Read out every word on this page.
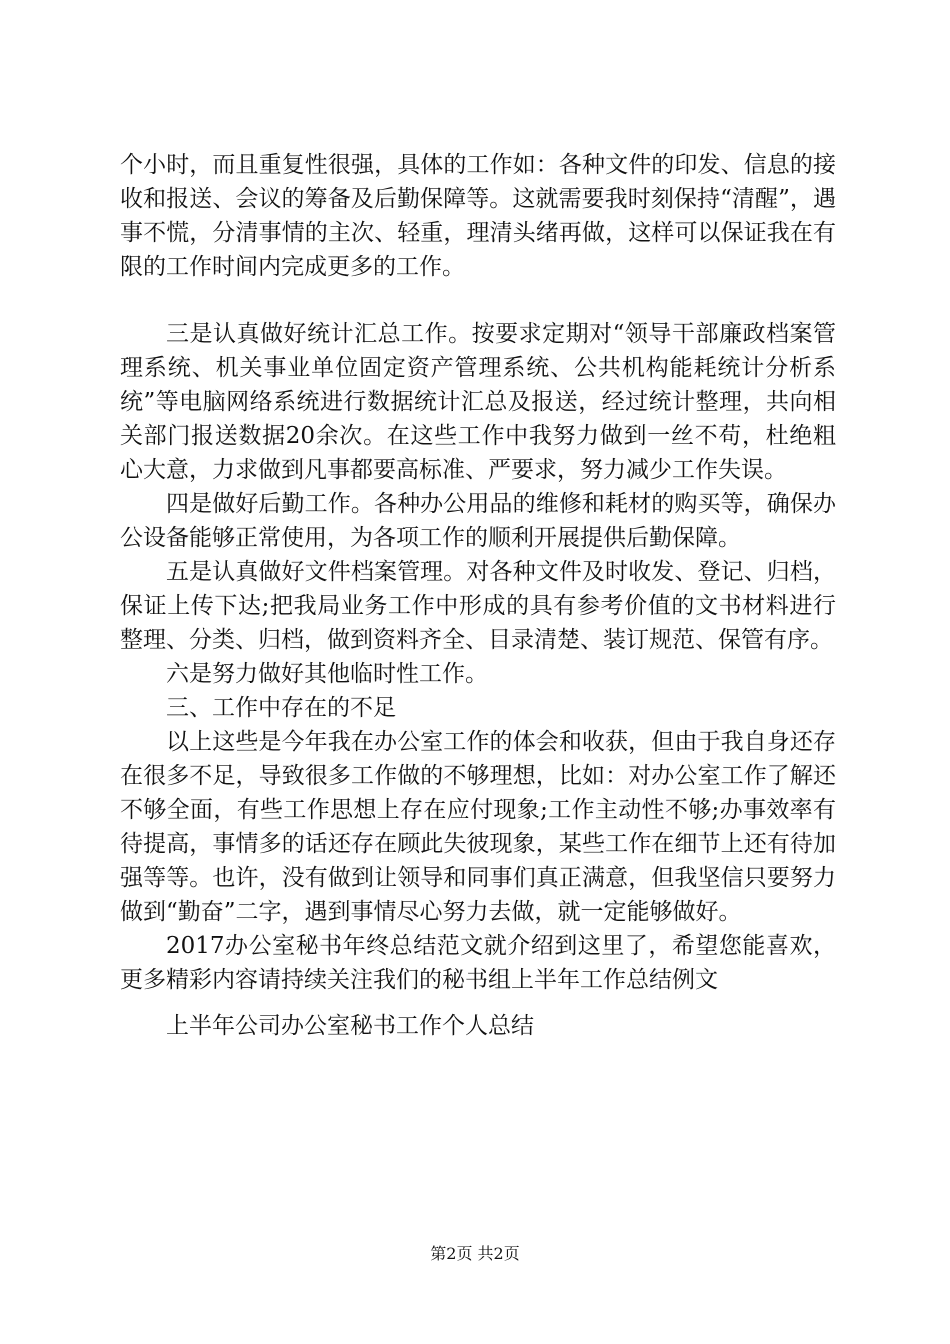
个小时，而且重复性很强，具体的工作如：各种文件的印发、信息的接收和报送、会议的筹备及后勤保障等。这就需要我时刻保持“清醒”，遇事不慌，分清事情的主次、轻重，理清头绪再做，这样可以保证我在有限的工作时间内完成更多的工作。

三是认真做好统计汇总工作。按要求定期对“领导干部廉政档案管理系统、机关事业单位固定资产管理系统、公共机构能耗统计分析系统”等电脑网络系统进行数据统计汇总及报送，经过统计整理，共向相关部门报送数据20余次。在这些工作中我努力做到一丝不苟，杜绝粗心大意，力求做到凡事都要高标准、严要求，努力减少工作失误。

四是做好后勤工作。各种办公用品的维修和耗材的购买等，确保办公设备能够正常使用，为各项工作的顺利开展提供后勤保障。

五是认真做好文件档案管理。对各种文件及时收发、登记、归档，保证上传下达;把我局业务工作中形成的具有参考价值的文书材料进行整理、分类、归档，做到资料齐全、目录清楚、装订规范、保管有序。

六是努力做好其他临时性工作。

三、工作中存在的不足

以上这些是今年我在办公室工作的体会和收获，但由于我自身还存在很多不足，导致很多工作做的不够理想，比如：对办公室工作了解还不够全面，有些工作思想上存在应付现象;工作主动性不够;办事效率有待提高，事情多的话还存在顾此失彼现象，某些工作在细节上还有待加强等等。也许，没有做到让领导和同事们真正满意，但我坚信只要努力做到“勤奋”二字，遇到事情尽心努力去做，就一定能够做好。

2017办公室秘书年终总结范文就介绍到这里了，希望您能喜欢，更多精彩内容请持续关注我们的秘书组上半年工作总结例文

上半年公司办公室秘书工作个人总结

第2页 共2页
